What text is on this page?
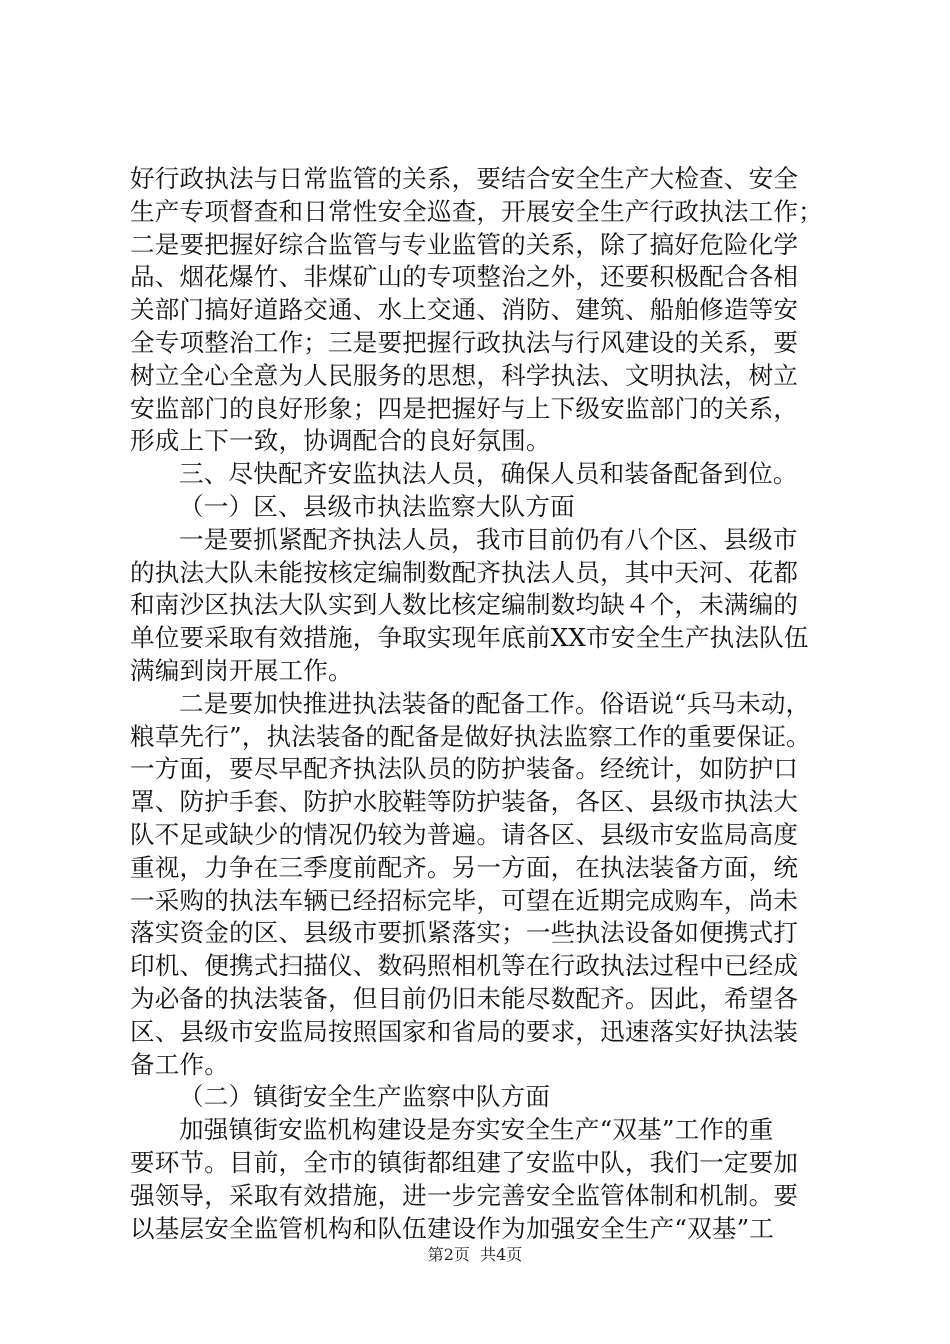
好行政执法与日常监管的关系，要结合安全生产大检查、安全
生产专项督查和日常性安全巡查，开展安全生产行政执法工作；
二是要把握好综合监管与专业监管的关系，除了搞好危险化学
品、烟花爆竹、非煤矿山的专项整治之外，还要积极配合各相
关部门搞好道路交通、水上交通、消防、建筑、船舶修造等安
全专项整治工作；三是要把握行政执法与行风建设的关系，要
树立全心全意为人民服务的思想，科学执法、文明执法，树立
安监部门的良好形象；四是把握好与上下级安监部门的关系，
形成上下一致，协调配合的良好氛围。
三、尽快配齐安监执法人员，确保人员和装备配备到位。
（一）区、县级市执法监察大队方面
一是要抓紧配齐执法人员，我市目前仍有八个区、县级市
的执法大队未能按核定编制数配齐执法人员，其中天河、花都
和南沙区执法大队实到人数比核定编制数均缺４个，未满编的
单位要采取有效措施，争取实现年底前XX市安全生产执法队伍
满编到岗开展工作。
二是要加快推进执法装备的配备工作。俗语说“兵马未动，
粮草先行”，执法装备的配备是做好执法监察工作的重要保证。
一方面，要尽早配齐执法队员的防护装备。经统计，如防护口
罩、防护手套、防护水胶鞋等防护装备，各区、县级市执法大
队不足或缺少的情况仍较为普遍。请各区、县级市安监局高度
重视，力争在三季度前配齐。另一方面，在执法装备方面，统
一采购的执法车辆已经招标完毕，可望在近期完成购车，尚未
落实资金的区、县级市要抓紧落实；一些执法设备如便携式打
印机、便携式扫描仪、数码照相机等在行政执法过程中已经成
为必备的执法装备，但目前仍旧未能尽数配齐。因此，希望各
区、县级市安监局按照国家和省局的要求，迅速落实好执法装
备工作。
（二）镇街安全生产监察中队方面
加强镇街安监机构建设是夯实安全生产“双基”工作的重
要环节。目前，全市的镇街都组建了安监中队，我们一定要加
强领导，采取有效措施，进一步完善安全监管体制和机制。要
以基层安全监管机构和队伍建设作为加强安全生产“双基”工
第2页  共4页
